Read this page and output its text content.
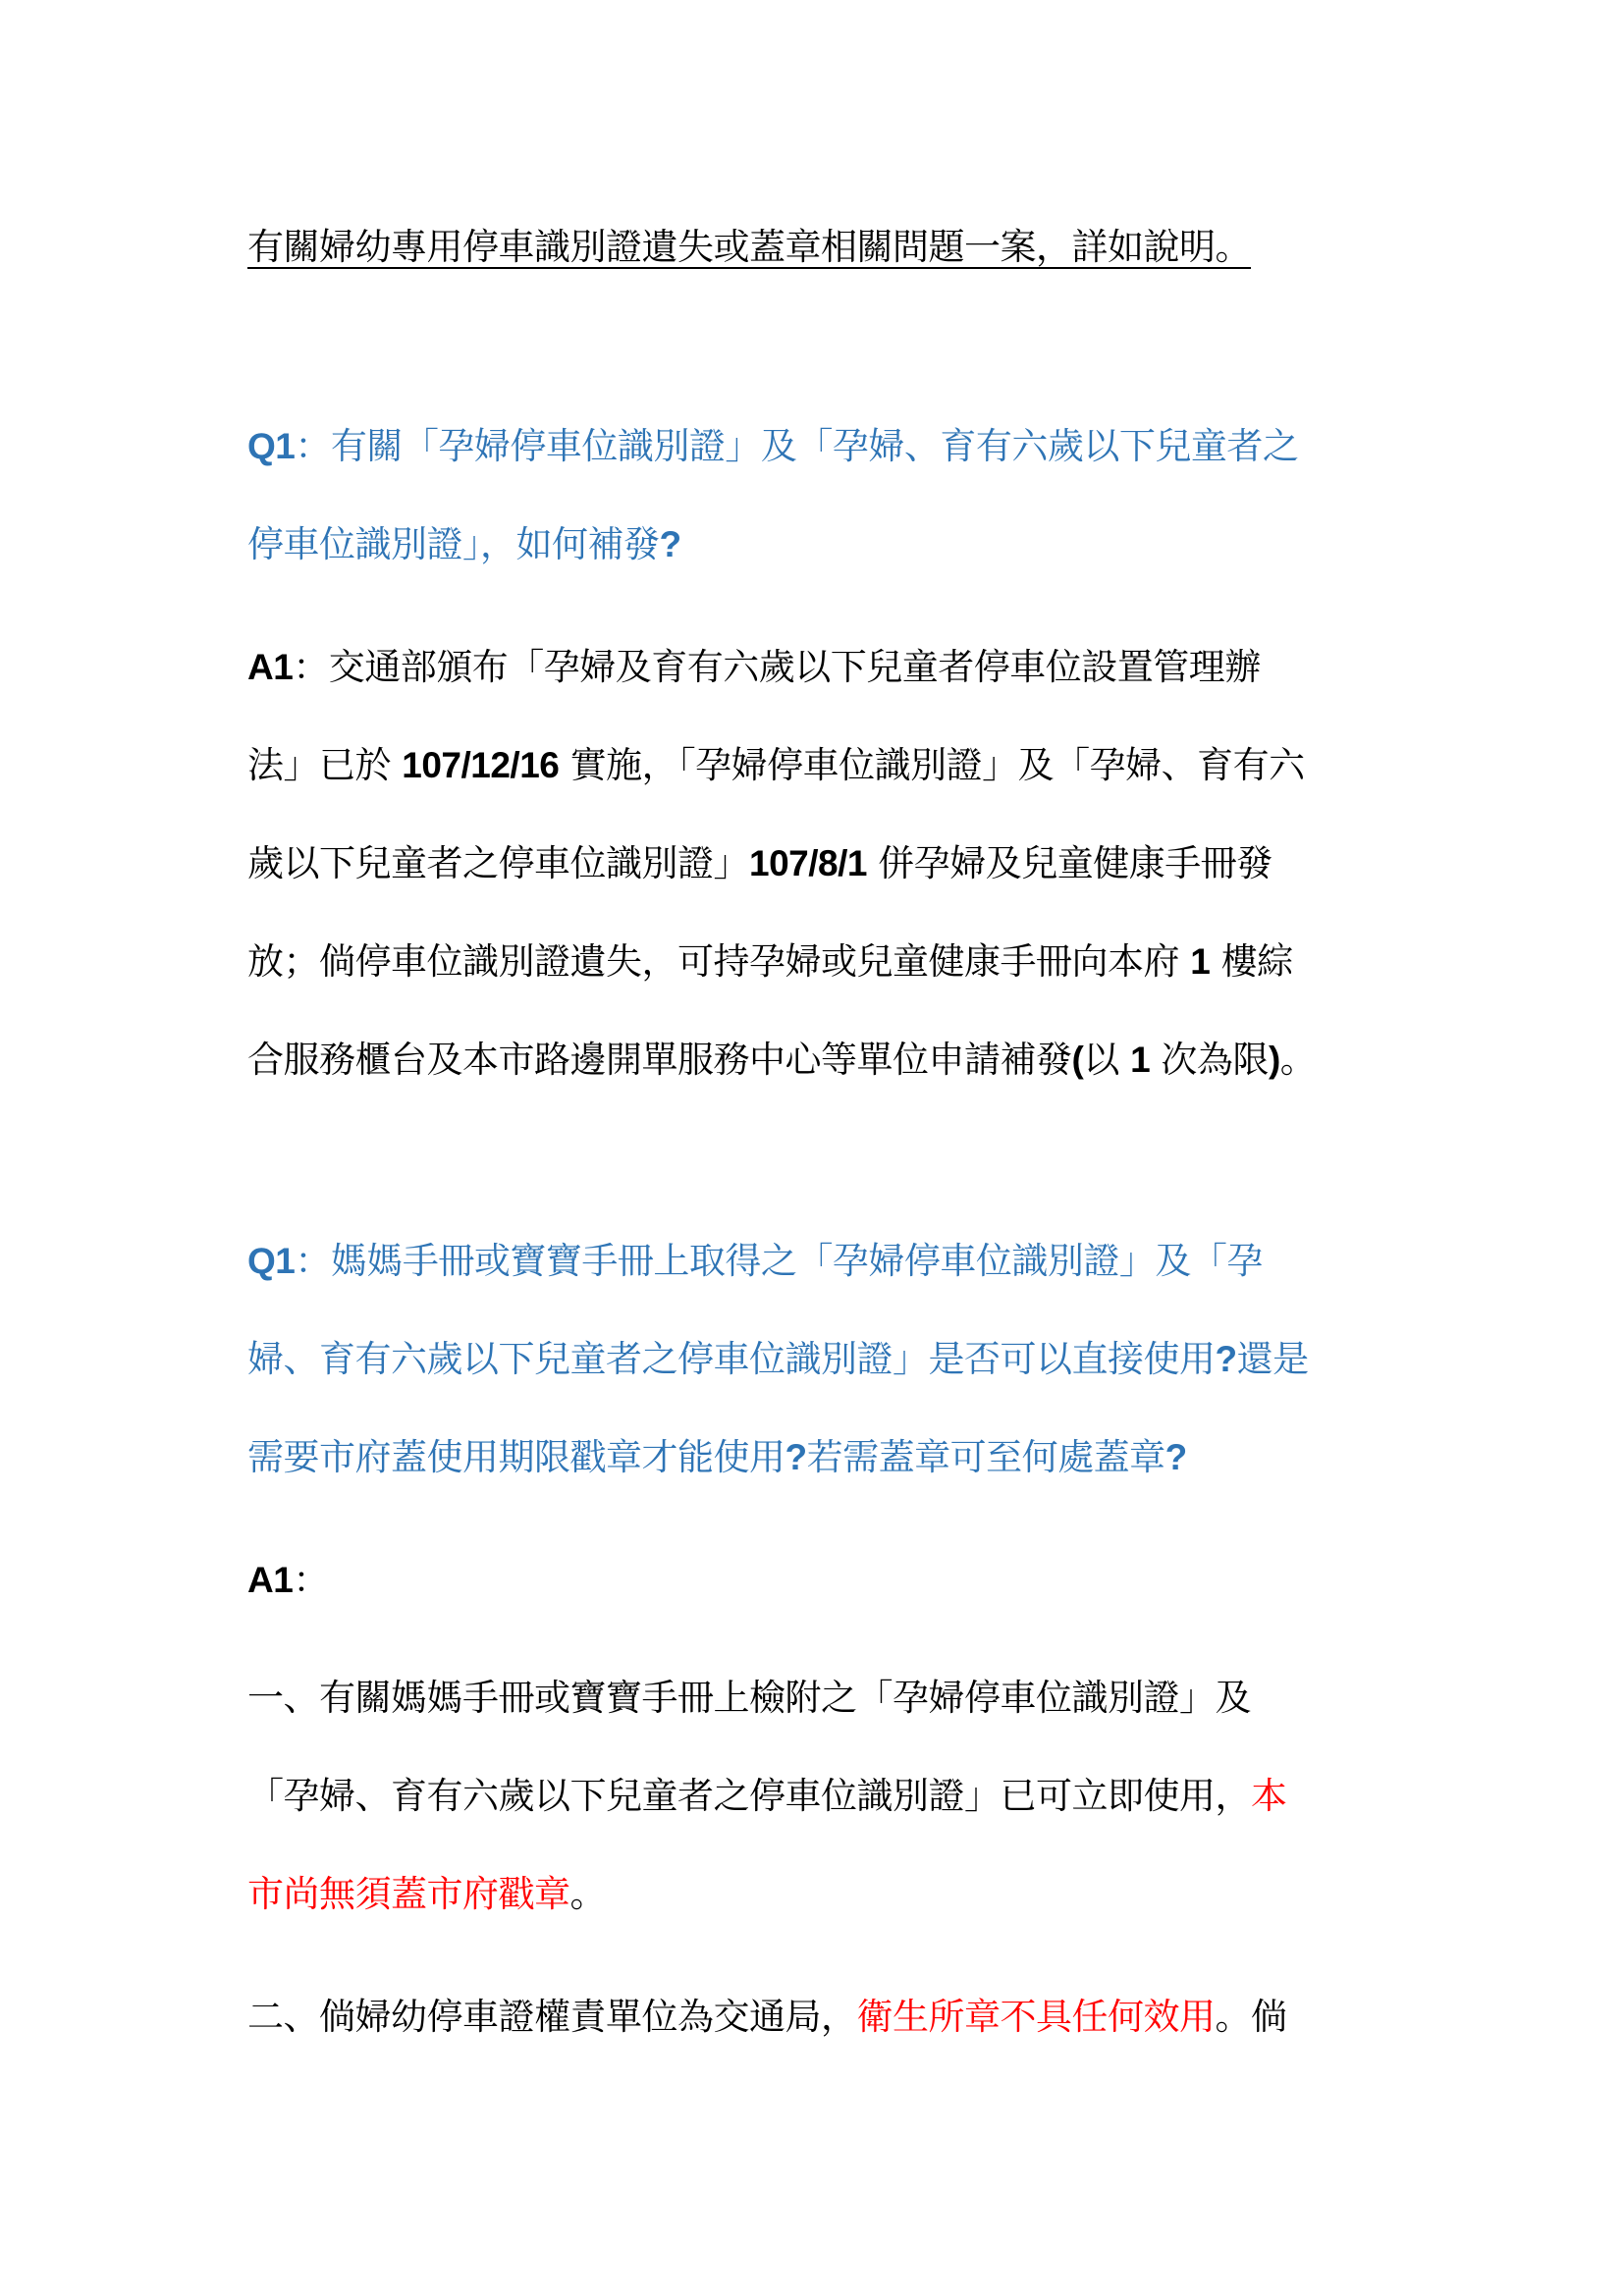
有關婦幼專用停車識別證遺失或蓋章相關問題一案，詳如說明。
Q1：有關「孕婦停車位識別證」及「孕婦、育有六歲以下兒童者之
停車位識別證」，如何補發?
A1：交通部頒布「孕婦及育有六歲以下兒童者停車位設置管理辦
法」已於 107/12/16 實施，「孕婦停車位識別證」及「孕婦、育有六
歲以下兒童者之停車位識別證」107/8/1 併孕婦及兒童健康手冊發
放；倘停車位識別證遺失，可持孕婦或兒童健康手冊向本府 1 樓綜
合服務櫃台及本市路邊開單服務中心等單位申請補發(以 1 次為限)。
Q1：媽媽手冊或寶寶手冊上取得之「孕婦停車位識別證」及「孕
婦、育有六歲以下兒童者之停車位識別證」是否可以直接使用?還是
需要市府蓋使用期限戳章才能使用?若需蓋章可至何處蓋章?
A1：
一、有關媽媽手冊或寶寶手冊上檢附之「孕婦停車位識別證」及
「孕婦、育有六歲以下兒童者之停車位識別證」已可立即使用，本
市尚無須蓋市府戳章。
二、倘婦幼停車證權責單位為交通局，衛生所章不具任何效用。倘
